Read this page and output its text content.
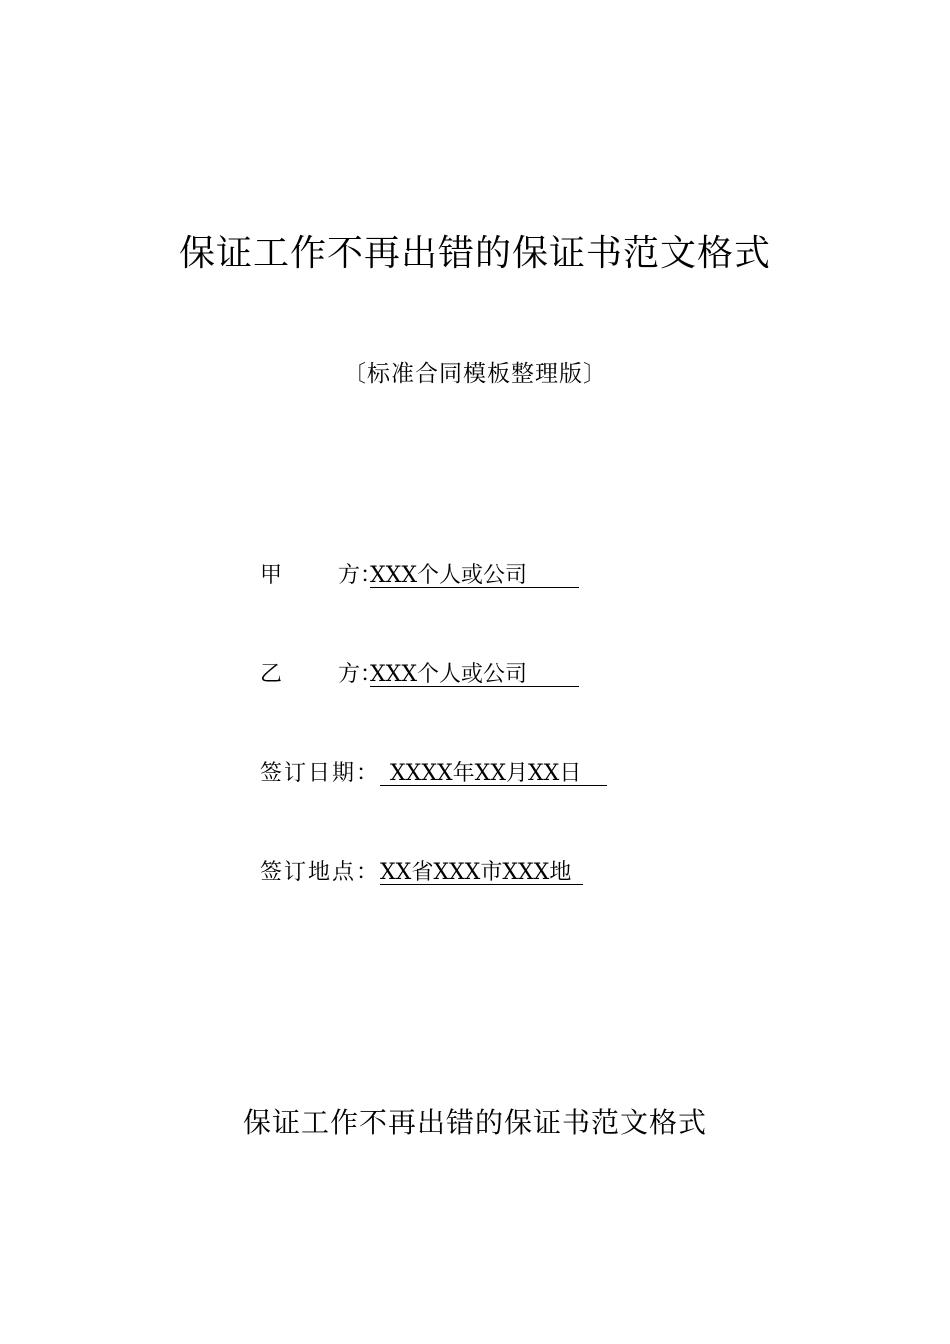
保证工作不再出错的保证书范文格式
〔标准合同模板整理版〕
甲	方：XXX个人或公司
乙	方：XXX个人或公司
签订日期： XXXX年XX月XX日
签订地点：XX省XXX市XXX地
保证工作不再出错的保证书范文格式
